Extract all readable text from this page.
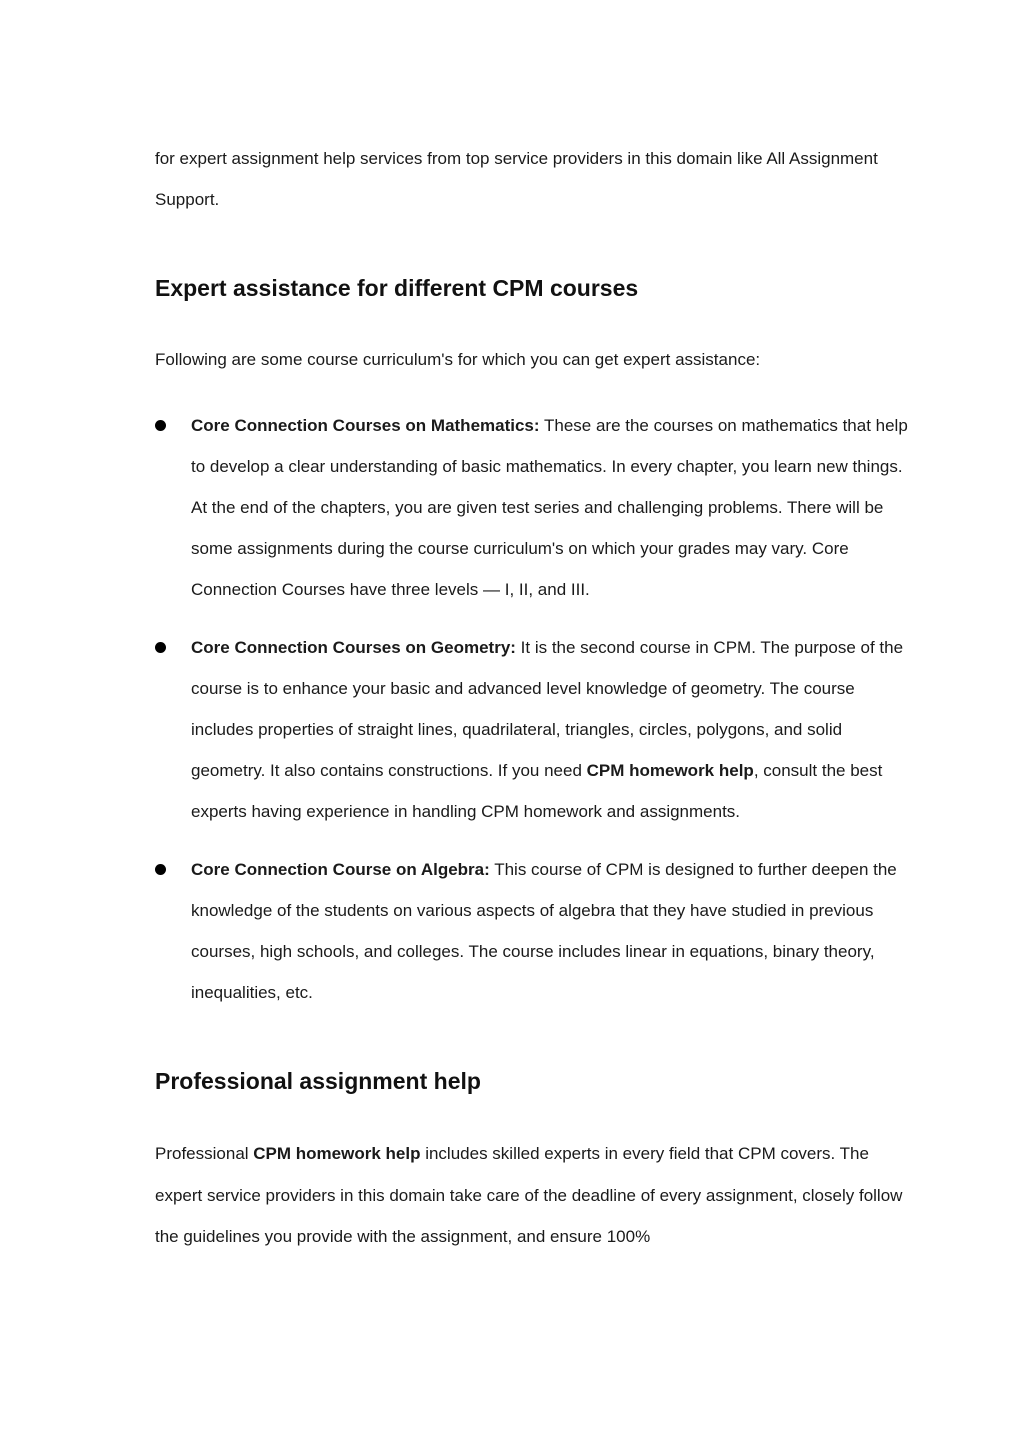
for expert assignment help services from top service providers in this domain like All Assignment Support.

Expert assistance for different CPM courses

Following are some course curriculum's for which you can get expert assistance:

Core Connection Courses on Mathematics: These are the courses on mathematics that help to develop a clear understanding of basic mathematics. In every chapter, you learn new things. At the end of the chapters, you are given test series and challenging problems. There will be some assignments during the course curriculum's on which your grades may vary. Core Connection Courses have three levels — I, II, and III.
Core Connection Courses on Geometry: It is the second course in CPM. The purpose of the course is to enhance your basic and advanced level knowledge of geometry. The course includes properties of straight lines, quadrilateral, triangles, circles, polygons, and solid geometry. It also contains constructions. If you need CPM homework help, consult the best experts having experience in handling CPM homework and assignments.
Core Connection Course on Algebra: This course of CPM is designed to further deepen the knowledge of the students on various aspects of algebra that they have studied in previous courses, high schools, and colleges. The course includes linear in equations, binary theory, inequalities, etc.
Professional assignment help

Professional CPM homework help includes skilled experts in every field that CPM covers. The expert service providers in this domain take care of the deadline of every assignment, closely follow the guidelines you provide with the assignment, and ensure 100%
